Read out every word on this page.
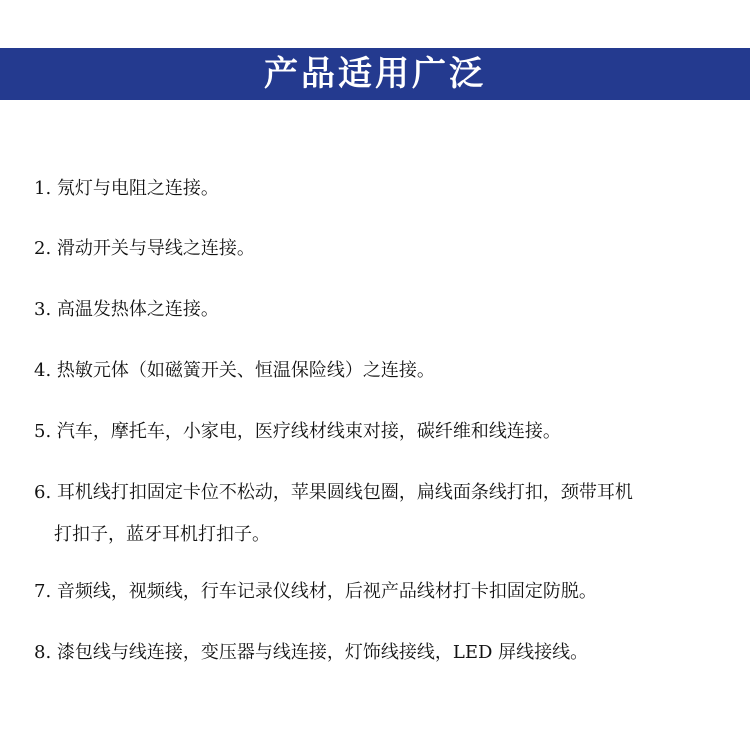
产品适用广泛
1. 氖灯与电阻之连接。
2. 滑动开关与导线之连接。
3. 高温发热体之连接。
4. 热敏元体（如磁簧开关、恒温保险线）之连接。
5. 汽车，摩托车，小家电，医疗线材线束对接，碳纤维和线连接。
6. 耳机线打扣固定卡位不松动，苹果圆线包圈，扁线面条线打扣，颈带耳机
打扣子，蓝牙耳机打扣子。
7. 音频线，视频线，行车记录仪线材，后视产品线材打卡扣固定防脱。
8. 漆包线与线连接，变压器与线连接，灯饰线接线，LED 屏线接线。
